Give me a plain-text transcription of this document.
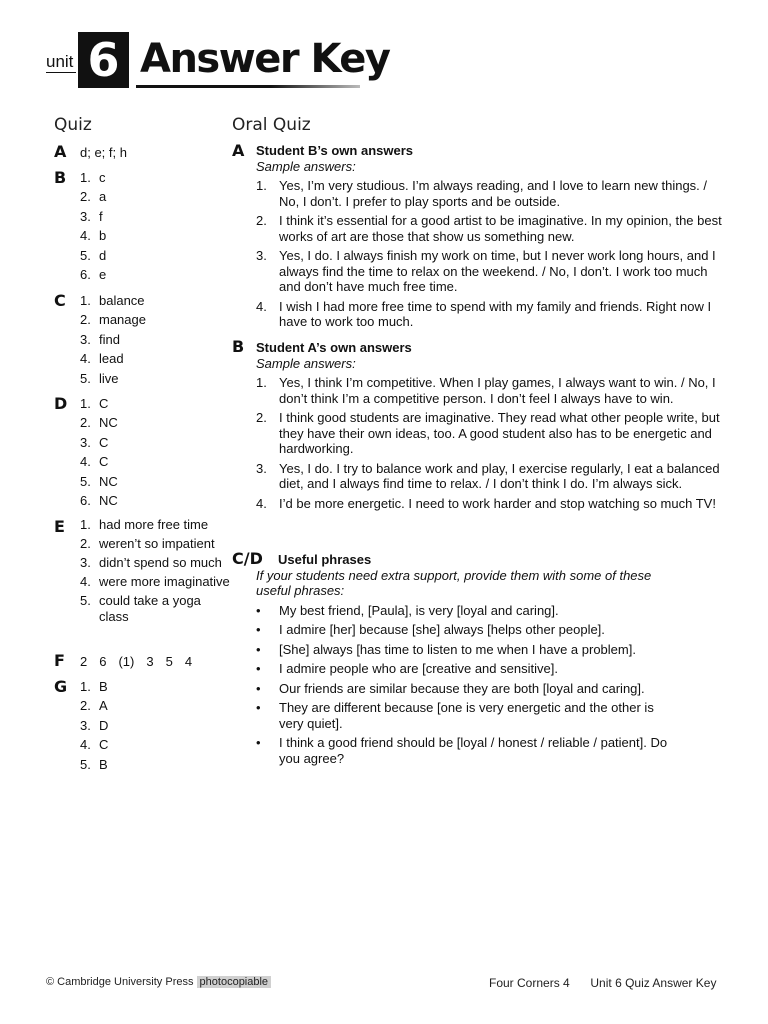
unit 6 Answer Key
Quiz
A d; e; f; h
B 1. c
2. a
3. f
4. b
5. d
6. e
C 1. balance
2. manage
3. find
4. lead
5. live
D 1. C
2. NC
3. C
4. C
5. NC
6. NC
E 1. had more free time
2. weren’t so impatient
3. didn’t spend so much
4. were more imaginative
5. could take a yoga class
F 2 6 (1) 3 5 4
G 1. B
2. A
3. D
4. C
5. B
Oral Quiz
A Student B’s own answers
Sample answers:
1. Yes, I’m very studious. I’m always reading, and I love to learn new things. / No, I don’t. I prefer to play sports and be outside.
2. I think it’s essential for a good artist to be imaginative. In my opinion, the best works of art are those that show us something new.
3. Yes, I do. I always finish my work on time, but I never work long hours, and I always find the time to relax on the weekend. / No, I don’t. I work too much and don’t have much free time.
4. I wish I had more free time to spend with my family and friends. Right now I have to work too much.
B Student A’s own answers
Sample answers:
1. Yes, I think I’m competitive. When I play games, I always want to win. / No, I don’t think I’m a competitive person. I don’t feel I always have to win.
2. I think good students are imaginative. They read what other people write, but they have their own ideas, too. A good student also has to be energetic and hardworking.
3. Yes, I do. I try to balance work and play, I exercise regularly, I eat a balanced diet, and I always find time to relax. / I don’t think I do. I’m always sick.
4. I’d be more energetic. I need to work harder and stop watching so much TV!
C/D Useful phrases
If your students need extra support, provide them with some of these useful phrases:
•	My best friend, [Paula], is very [loyal and caring].
•	I admire [her] because [she] always [helps other people].
•	[She] always [has time to listen to me when I have a problem].
•	I admire people who are [creative and sensitive].
•	Our friends are similar because they are both [loyal and caring].
•	They are different because [one is very energetic and the other is very quiet].
•	I think a good friend should be [loyal / honest / reliable / patient]. Do you agree?
© Cambridge University Press photocopiable	Four Corners 4 Unit 6 Quiz Answer Key
